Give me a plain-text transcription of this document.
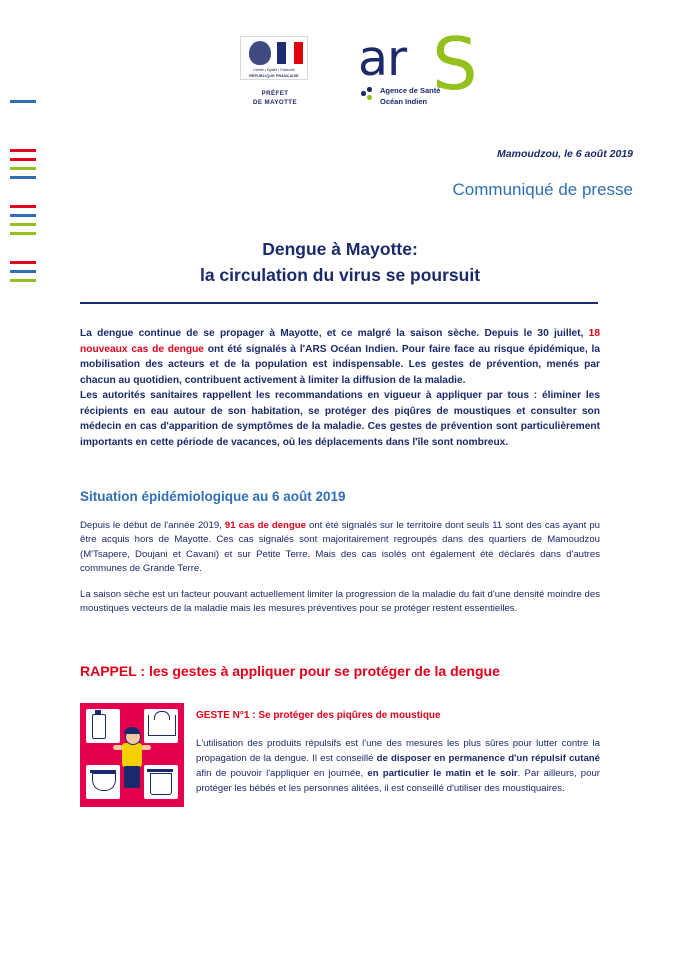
Liberté • Égalité • Fraternité
RÉPUBLIQUE FRANÇAISE
PRÉFET
DE MAYOTTE
ar S
Agence de Santé
Océan Indien
Mamoudzou, le 6 août 2019
Communiqué de presse
Dengue à Mayotte:
la circulation du virus se poursuit

La dengue continue de se propager à Mayotte, et ce malgré la saison sèche. Depuis le 30 juillet, 18 nouveaux cas de dengue ont été signalés à l'ARS Océan Indien. Pour faire face au risque épidémique, la mobilisation des acteurs et de la population est indispensable. Les gestes de prévention, menés par chacun au quotidien, contribuent activement à limiter la diffusion de la maladie.

Les autorités sanitaires rappellent les recommandations en vigueur à appliquer par tous : éliminer les récipients en eau autour de son habitation, se protéger des piqûres de moustiques et consulter son médecin en cas d'apparition de symptômes de la maladie. Ces gestes de prévention sont particulièrement importants en cette période de vacances, où les déplacements dans l'île sont nombreux.

Situation épidémiologique au 6 août 2019
Depuis le début de l'année 2019, 91 cas de dengue ont été signalés sur le territoire dont seuls 11 sont des cas ayant pu être acquis hors de Mayotte. Ces cas signalés sont majoritairement regroupés dans des quartiers de Mamoudzou (M'Tsapere, Doujani et Cavani) et sur Petite Terre. Mais des cas isolés ont également été déclarés dans d'autres communes de Grande Terre.
La saison sèche est un facteur pouvant actuellement limiter la progression de la maladie du fait d'une densité moindre des moustiques vecteurs de la maladie mais les mesures préventives pour se protéger restent essentielles.
RAPPEL : les gestes à appliquer pour se protéger de la dengue
GESTE N°1 : Se protéger des piqûres de moustique
L'utilisation des produits répulsifs est l'une des mesures les plus sûres pour lutter contre la propagation de la dengue. Il est conseillé de disposer en permanence d'un répulsif cutané afin de pouvoir l'appliquer en journée, en particulier le matin et le soir. Par ailleurs, pour protéger les bébés et les personnes alitées, il est conseillé d'utiliser des moustiquaires.
